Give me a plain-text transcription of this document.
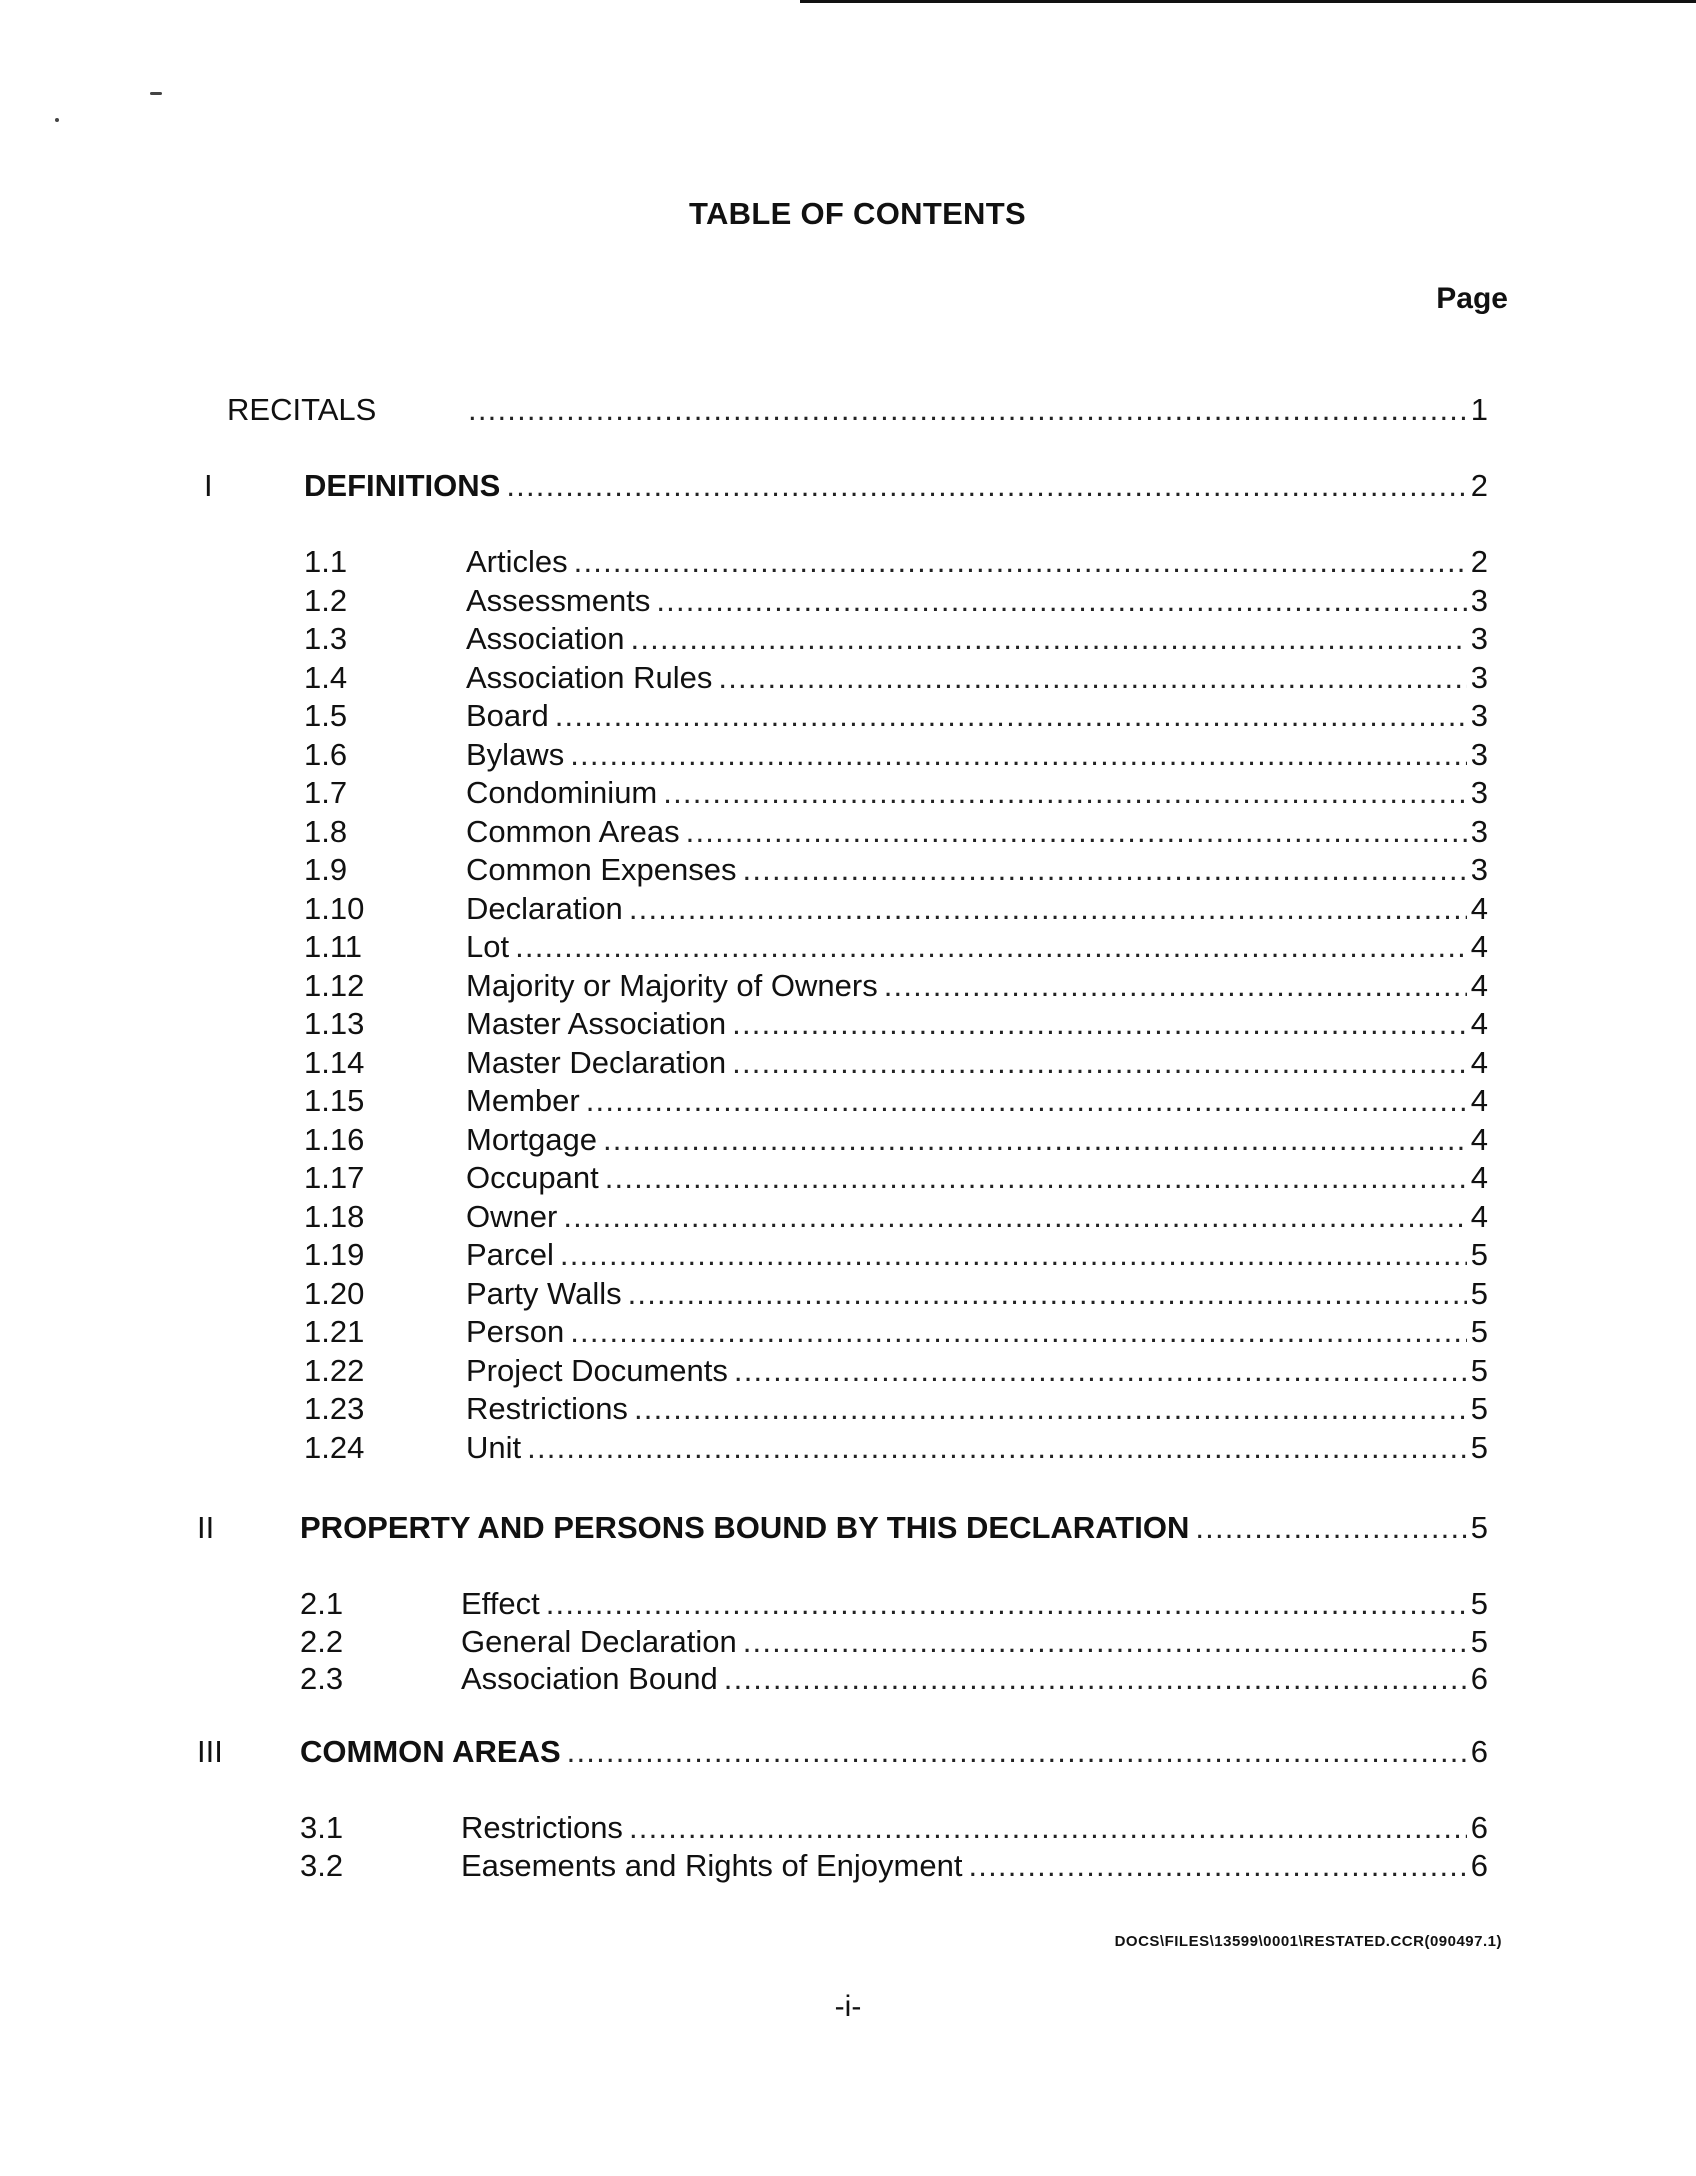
TABLE OF CONTENTS
Page
RECITALS .....	1
I	DEFINITIONS .....	2
1.1	Articles .....	2
1.2	Assessments .....	3
1.3	Association .....	3
1.4	Association Rules .....	3
1.5	Board .....	3
1.6	Bylaws .....	3
1.7	Condominium .....	3
1.8	Common Areas .....	3
1.9	Common Expenses .....	3
1.10	Declaration .....	4
1.11	Lot .....	4
1.12	Majority or Majority of Owners .....	4
1.13	Master Association .....	4
1.14	Master Declaration .....	4
1.15	Member .....	4
1.16	Mortgage .....	4
1.17	Occupant .....	4
1.18	Owner .....	4
1.19	Parcel .....	5
1.20	Party Walls .....	5
1.21	Person .....	5
1.22	Project Documents .....	5
1.23	Restrictions .....	5
1.24	Unit .....	5
II	PROPERTY AND PERSONS BOUND BY THIS DECLARATION .....	5
2.1	Effect .....	5
2.2	General Declaration .....	5
2.3	Association Bound .....	6
III COMMON AREAS .....	6
3.1	Restrictions .....	6
3.2	Easements and Rights of Enjoyment .....	6
DOCS\FILES\13599\0001\RESTATED.CCR(090497.1)
-i-
